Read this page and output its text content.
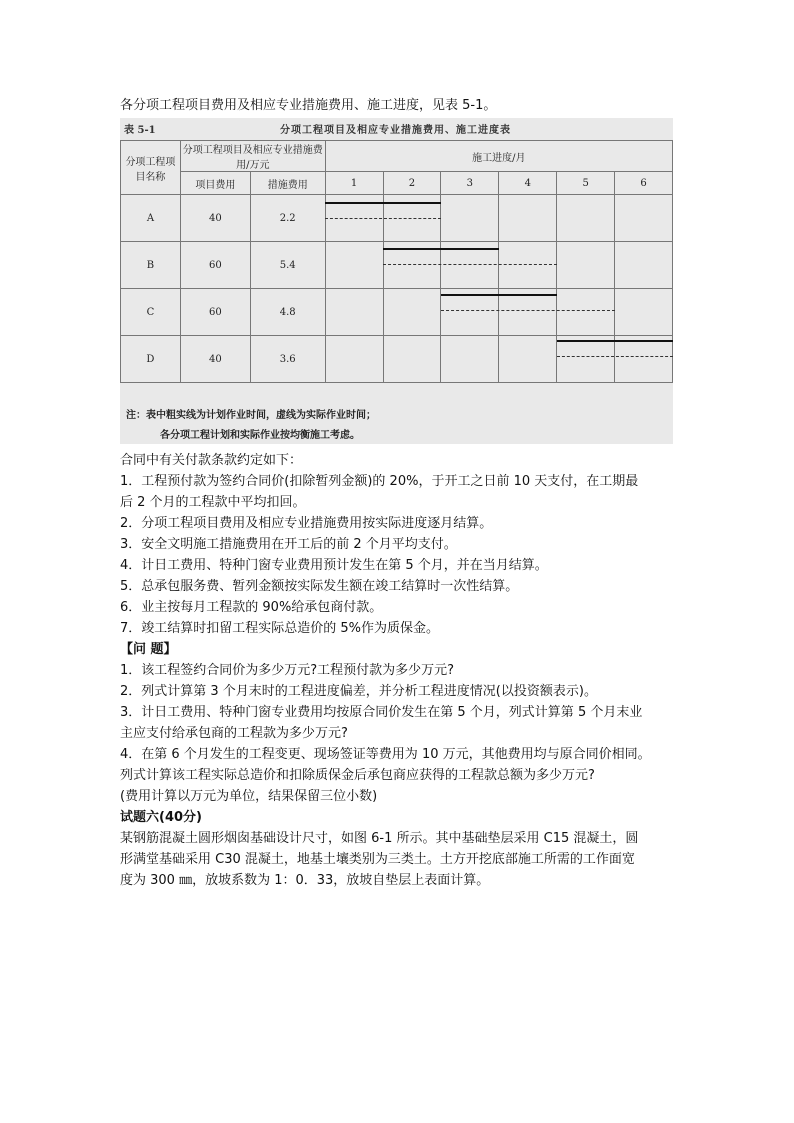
各分项工程项目费用及相应专业措施费用、施工进度，见表 5-1。
表 5-1	分项工程项目及相应专业措施费用、施工进度表
分项工程项目名称	分项工程项目及相应专业措施费用/万元		施工进度/月					
	项目费用	措施费用	1	2	3	4	5	6
A	40	2.2						
B	60	5.4						
C	60	4.8						
D	40	3.6						
注：表中粗实线为计划作业时间，虚线为实际作业时间；
各分项工程计划和实际作业按均衡施工考虑。
合同中有关付款条款约定如下：
1．工程预付款为签约合同价(扣除暂列金额)的 20%，于开工之日前 10 天支付，在工期最
后 2 个月的工程款中平均扣回。
2．分项工程项目费用及相应专业措施费用按实际进度逐月结算。
3．安全文明施工措施费用在开工后的前 2 个月平均支付。
4．计日工费用、特种门窗专业费用预计发生在第 5 个月，并在当月结算。
5．总承包服务费、暂列金额按实际发生额在竣工结算时一次性结算。
6．业主按每月工程款的 90%给承包商付款。
7．竣工结算时扣留工程实际总造价的 5%作为质保金。
【问 题】
1．该工程签约合同价为多少万元?工程预付款为多少万元?
2．列式计算第 3 个月末时的工程进度偏差，并分析工程进度情况(以投资额表示)。
3．计日工费用、特种门窗专业费用均按原合同价发生在第 5 个月，列式计算第 5 个月末业
主应支付给承包商的工程款为多少万元?
4．在第 6 个月发生的工程变更、现场签证等费用为 10 万元，其他费用均与原合同价相同。
列式计算该工程实际总造价和扣除质保金后承包商应获得的工程款总额为多少万元?
(费用计算以万元为单位，结果保留三位小数)
试题六(40分)
某钢筋混凝土圆形烟囱基础设计尺寸，如图 6-1 所示。其中基础垫层采用 C15 混凝土，圆
形满堂基础采用 C30 混凝土，地基土壤类别为三类土。土方开挖底部施工所需的工作面宽
度为 300 ㎜，放坡系数为 1：0．33，放坡自垫层上表面计算。
